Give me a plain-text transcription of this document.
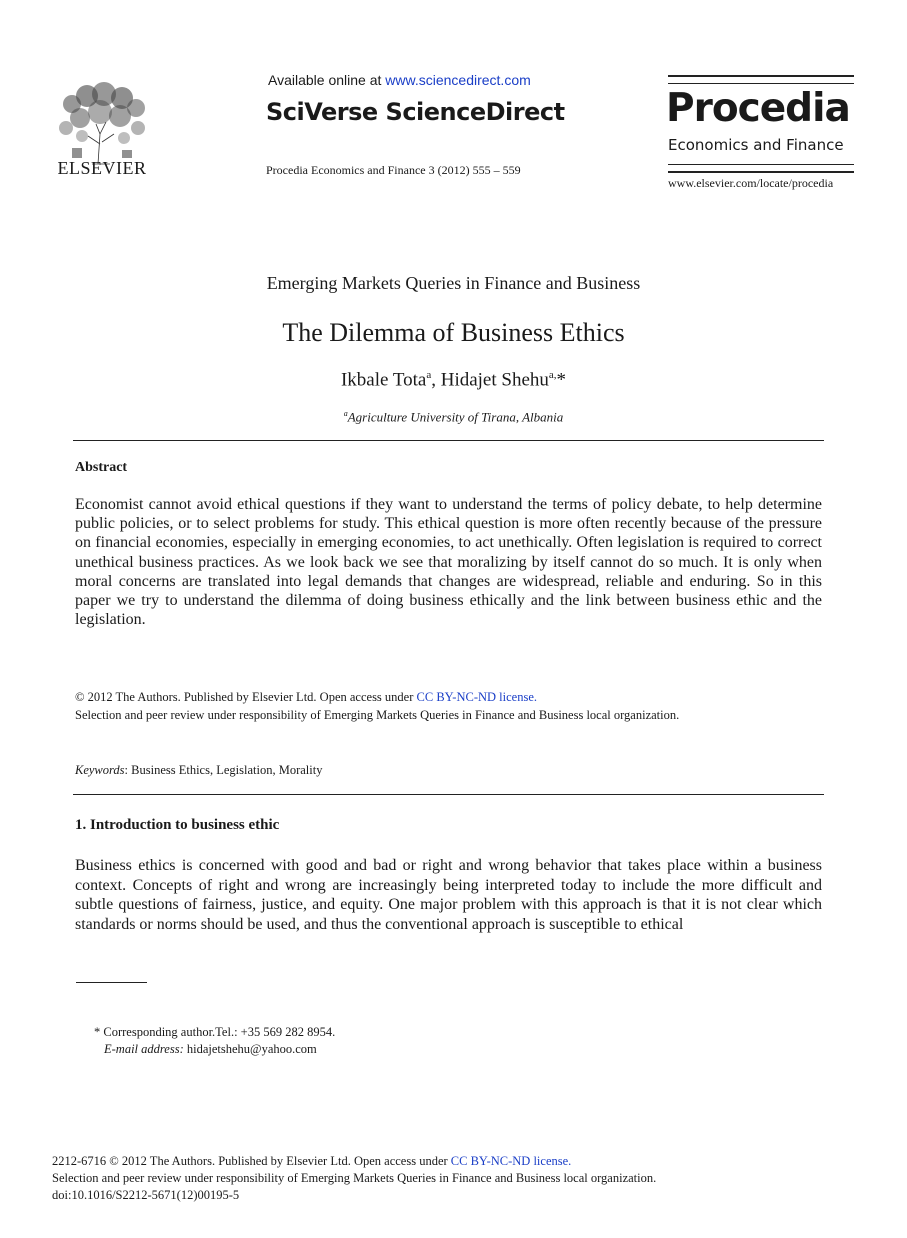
ELSEVIER
Available online at www.sciencedirect.com
SciVerse ScienceDirect
Procedia Economics and Finance 3 (2012) 555 – 559
Procedia
Economics and Finance
www.elsevier.com/locate/procedia
Emerging Markets Queries in Finance and Business
The Dilemma of Business Ethics
Ikbale Tota$^a$, Hidajet Shehu$^{a,}$*
$^a$Agriculture University of Tirana, Albania
Abstract
Economist cannot avoid ethical questions if they want to understand the terms of policy debate, to help determine public policies, or to select problems for study. This ethical question is more often recently because of the pressure on financial economies, especially in emerging economies, to act unethically. Often legislation is required to correct unethical business practices. As we look back we see that moralizing by itself cannot do so much. It is only when moral concerns are translated into legal demands that changes are widespread, reliable and enduring. So in this paper we try to understand the dilemma of doing business ethically and the link between business ethic and the legislation.
© 2012 The Authors. Published by Elsevier Ltd. Open access under CC BY-NC-ND license.
Selection and peer review under responsibility of Emerging Markets Queries in Finance and Business local organization.
Keywords: Business Ethics, Legislation, Morality
1. Introduction to business ethic
Business ethics is concerned with good and bad or right and wrong behavior that takes place within a business context. Concepts of right and wrong are increasingly being interpreted today to include the more difficult and subtle questions of fairness, justice, and equity. One major problem with this approach is that it is not clear which standards or norms should be used, and thus the conventional approach is susceptible to ethical
* Corresponding author.Tel.: +35 569 282 8954.
E-mail address: hidajetshehu@yahoo.com
2212-6716 © 2012 The Authors. Published by Elsevier Ltd. Open access under CC BY-NC-ND license.
Selection and peer review under responsibility of Emerging Markets Queries in Finance and Business local organization.
doi:10.1016/S2212-5671(12)00195-5
